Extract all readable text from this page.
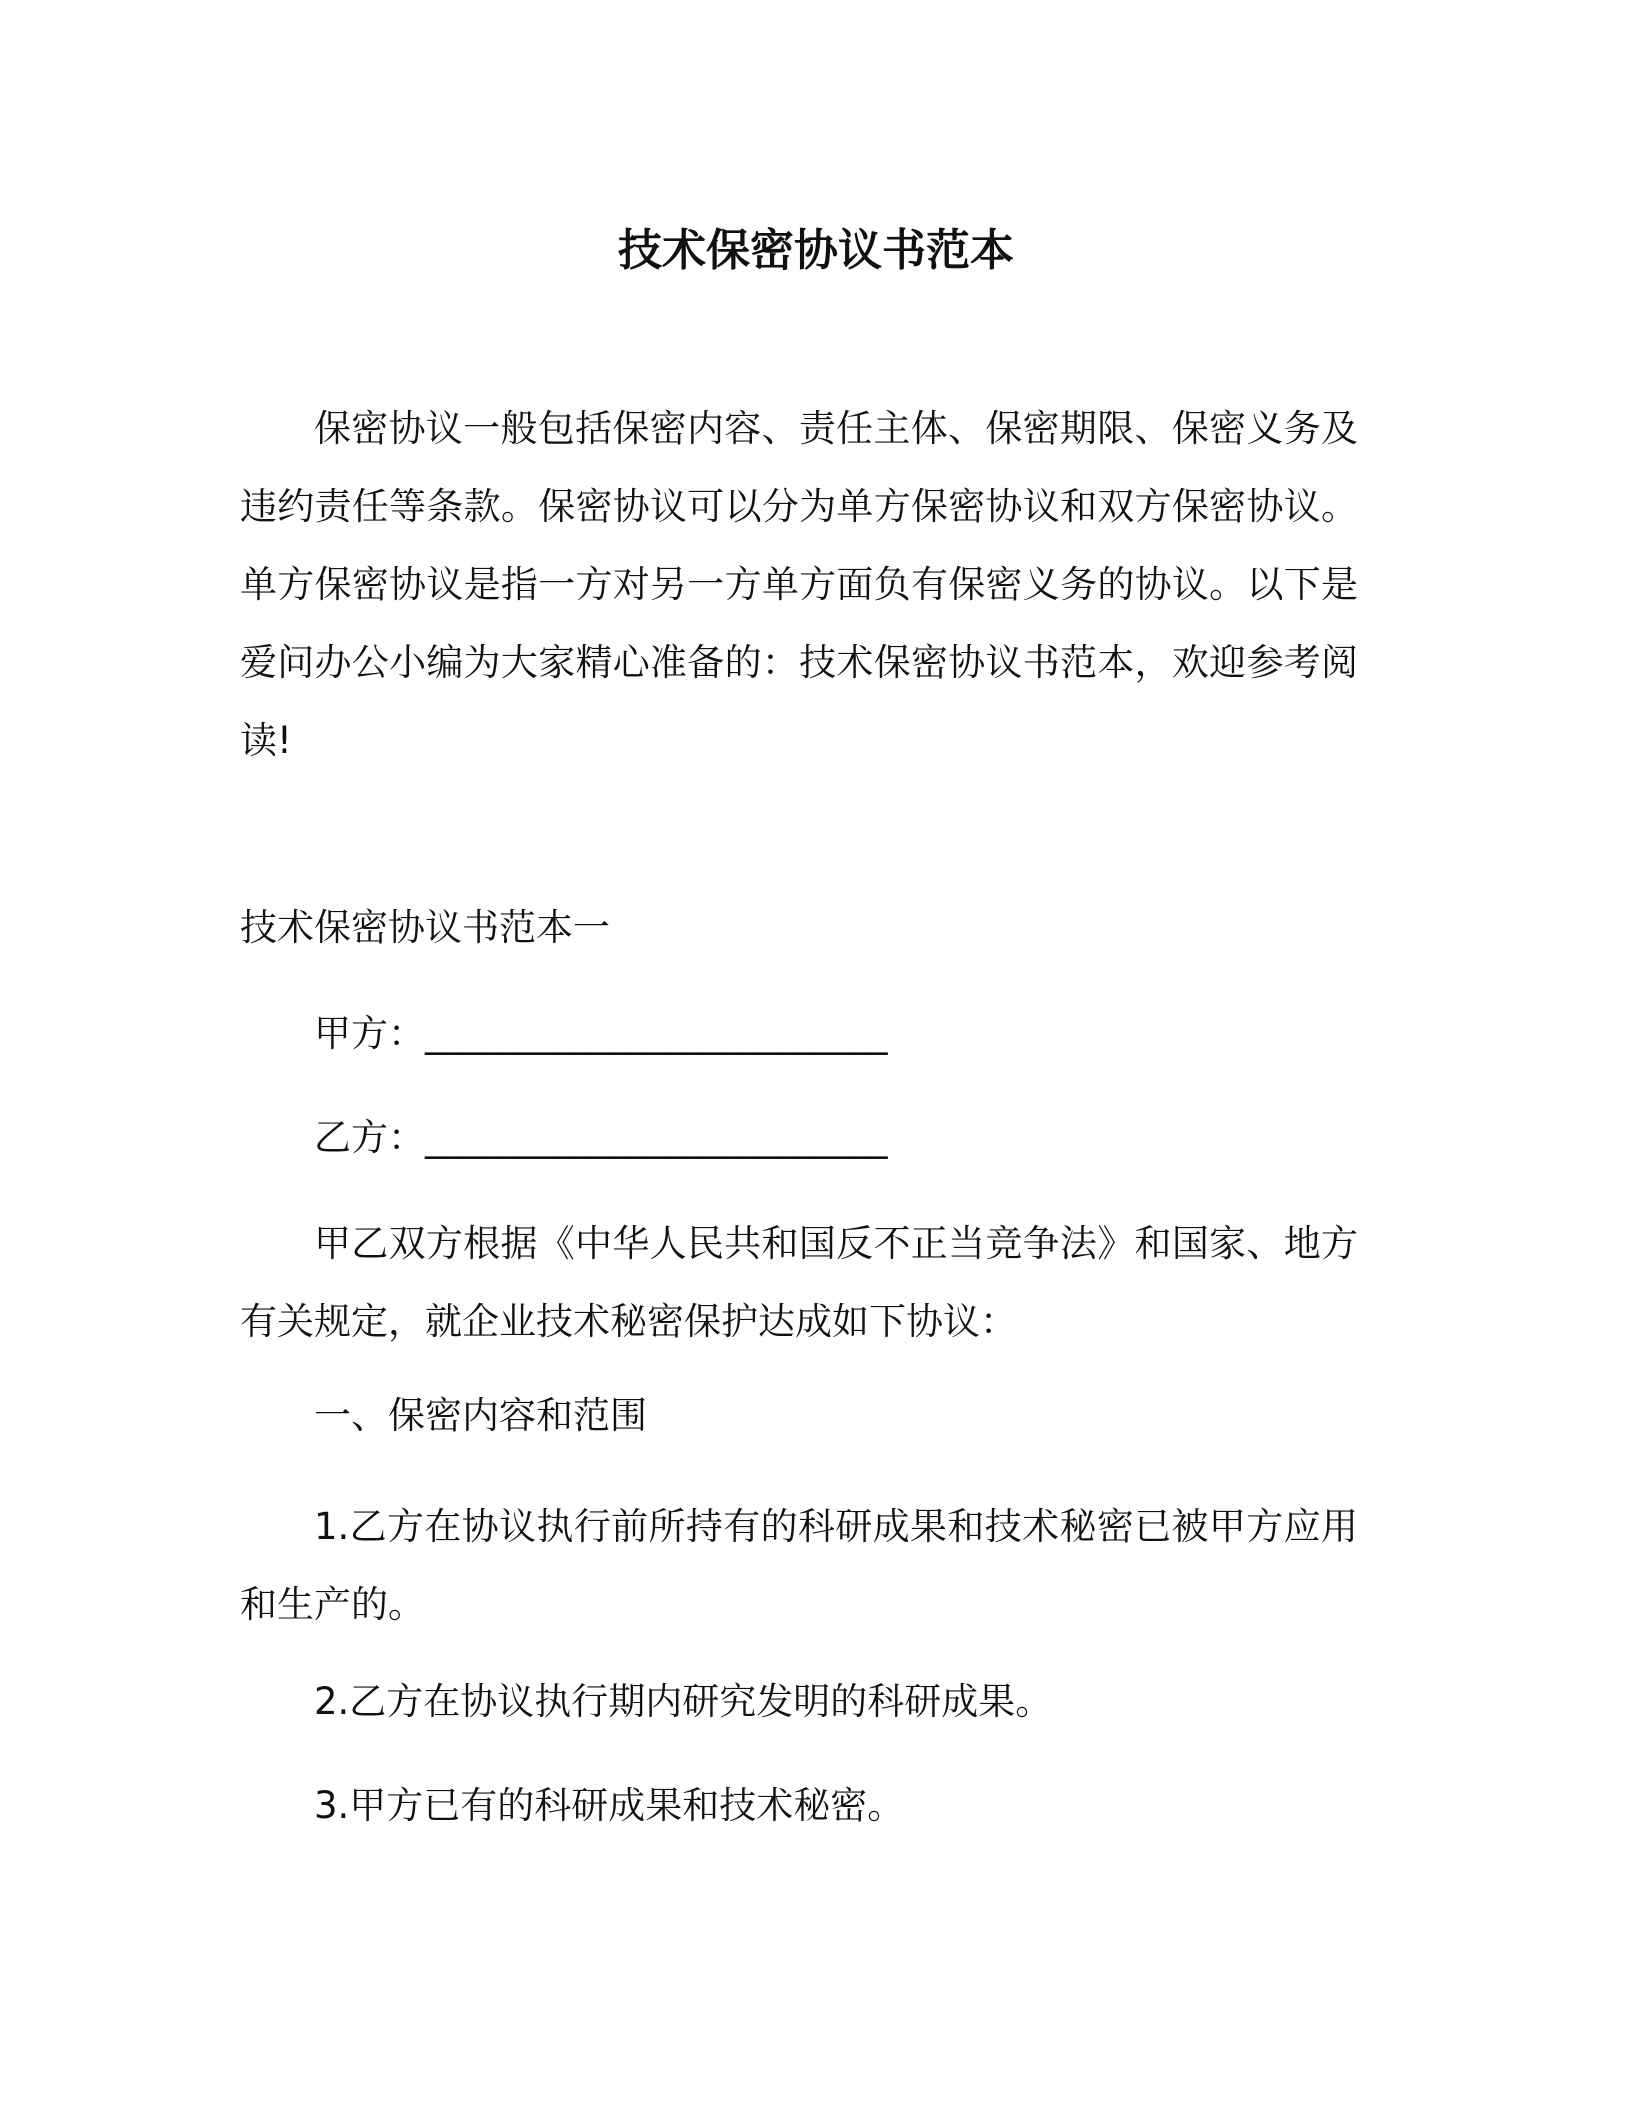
技术保密协议书范本

保密协议一般包括保密内容、责任主体、保密期限、保密义务及违约责任等条款。保密协议可以分为单方保密协议和双方保密协议。单方保密协议是指一方对另一方单方面负有保密义务的协议。以下是爱问办公小编为大家精心准备的：技术保密协议书范本，欢迎参考阅读!

技术保密协议书范本一

甲方：_________________________

乙方：_________________________

甲乙双方根据《中华人民共和国反不正当竞争法》和国家、地方有关规定，就企业技术秘密保护达成如下协议：

一、保密内容和范围

1.乙方在协议执行前所持有的科研成果和技术秘密已被甲方应用和生产的。

2.乙方在协议执行期内研究发明的科研成果。

3.甲方已有的科研成果和技术秘密。
